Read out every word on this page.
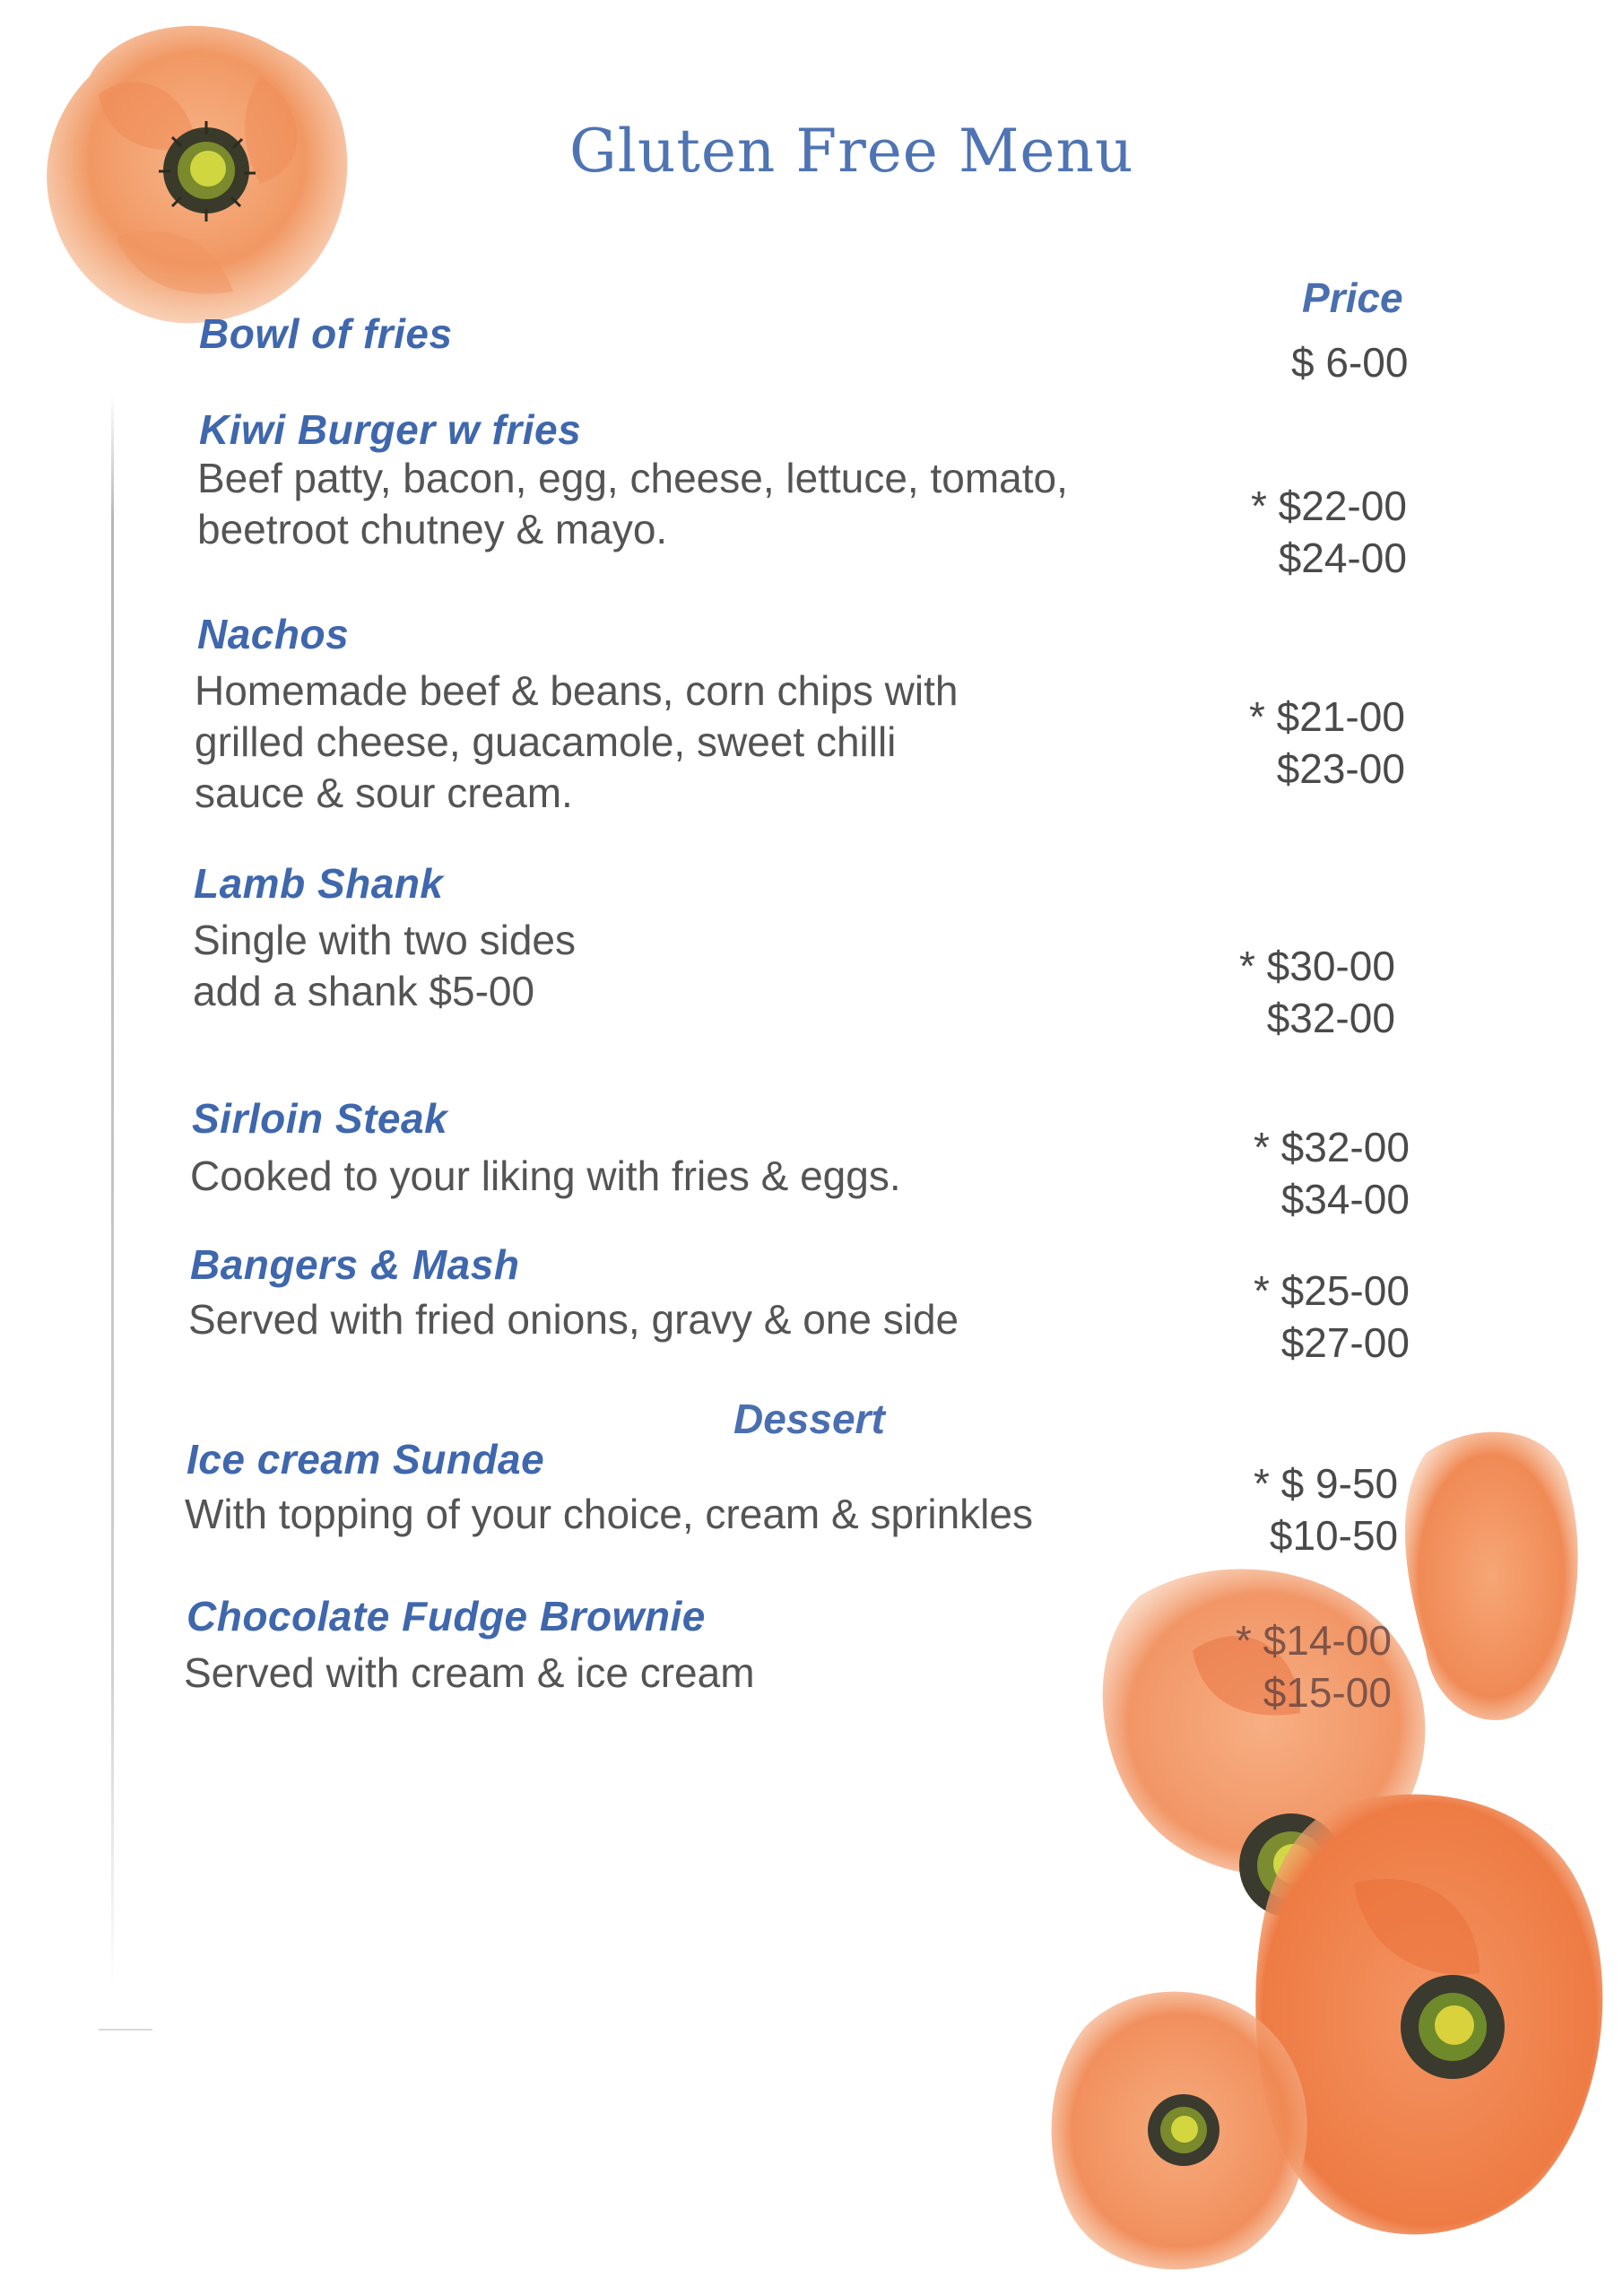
Gluten Free Menu
Price
Bowl of fries
$ 6-00
Kiwi Burger w fries
Beef patty, bacon, egg, cheese, lettuce, tomato,
beetroot chutney & mayo.	* $22-00
$24-00
Nachos
Homemade beef & beans, corn chips with
grilled cheese, guacamole, sweet chilli
sauce & sour cream.
* $21-00
$23-00
Lamb Shank
Single with two sides
add a shank $5-00
* $30-00
$32-00
Sirloin Steak
Cooked to your liking with fries & eggs.
* $32-00
$34-00
Bangers & Mash
Served with fried onions, gravy & one side
* $25-00
$27-00
Dessert
Ice cream Sundae
With topping of your choice, cream & sprinkles
* $ 9-50
$10-50
Chocolate Fudge Brownie
Served with cream & ice cream
* $14-00
$15-00
